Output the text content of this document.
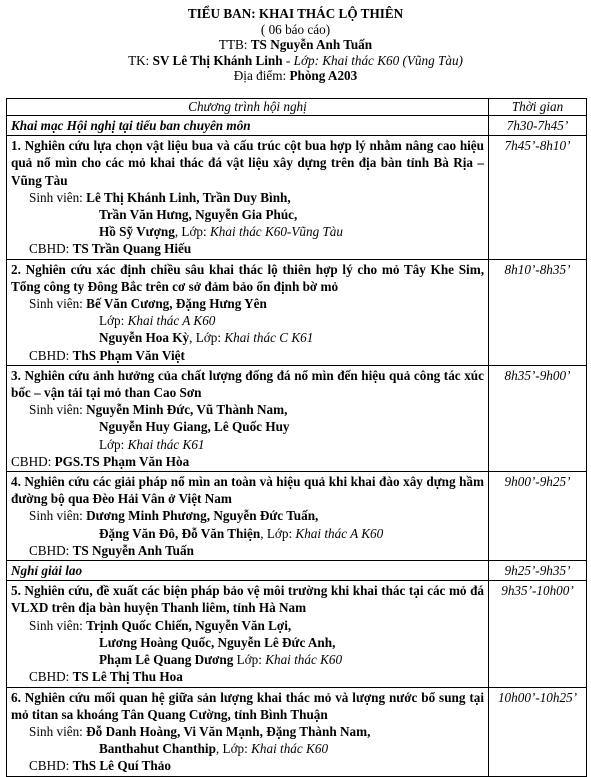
TIỂU BAN: KHAI THÁC LỘ THIÊN
( 06 báo cáo)
TTB: TS Nguyễn Anh Tuấn
TK: SV Lê Thị Khánh Linh - Lớp: Khai thác K60 (Vũng Tàu)
Địa điểm: Phòng A203
Chương trình hội nghị	Thời gian
Khai mạc Hội nghị tại tiểu ban chuyên môn	7h30-7h45’

1. Nghiên cứu lựa chọn vật liệu bua và cấu trúc cột bua hợp lý nhằm nâng cao hiệu quả nổ mìn cho các mỏ khai thác đá vật liệu xây dựng trên địa bàn tỉnh Bà Rịa – Vũng Tàu
Sinh viên: Lê Thị Khánh Linh, Trần Duy Bình,
Trần Văn Hưng, Nguyễn Gia Phúc,
Hồ Sỹ Vượng, Lớp: Khai thác K60-Vũng Tàu
CBHD: TS Trần Quang Hiếu	7h45’-8h10’

2. Nghiên cứu xác định chiều sâu khai thác lộ thiên hợp lý cho mỏ Tây Khe Sim, Tổng công ty Đông Bắc trên cơ sở đảm bảo ổn định bờ mỏ
Sinh viên: Bế Văn Cương, Đặng Hưng Yên
Lớp: Khai thác A K60
Nguyễn Hoa Kỳ, Lớp: Khai thác C K61
CBHD: ThS Phạm Văn Việt	8h10’-8h35’

3. Nghiên cứu ảnh hưởng của chất lượng đống đá nổ mìn đến hiệu quả công tác xúc bốc – vận tải tại mỏ than Cao Sơn
Sinh viên: Nguyễn Minh Đức, Vũ Thành Nam,
Nguyễn Huy Giang, Lê Quốc Huy
Lớp: Khai thác K61
CBHD: PGS.TS Phạm Văn Hòa	8h35’-9h00’

4. Nghiên cứu các giải pháp nổ mìn an toàn và hiệu quả khi khai đào xây dựng hầm đường bộ qua Đèo Hải Vân ở Việt Nam
Sinh viên: Dương Minh Phương, Nguyễn Đức Tuấn,
Đặng Văn Đô, Đỗ Văn Thiện, Lớp: Khai thác A K60
CBHD: TS Nguyễn Anh Tuấn	9h00’-9h25’
Nghỉ giải lao	9h25’-9h35’

5. Nghiên cứu, đề xuất các biện pháp bảo vệ môi trường khi khai thác tại các mỏ đá VLXD trên địa bàn huyện Thanh liêm, tỉnh Hà Nam
Sinh viên: Trịnh Quốc Chiến, Nguyễn Văn Lợi,
Lương Hoàng Quốc, Nguyễn Lê Đức Anh,
Phạm Lê Quang Dương Lớp: Khai thác K60
CBHD: TS Lê Thị Thu Hoa	9h35’-10h00’

6. Nghiên cứu mối quan hệ giữa sản lượng khai thác mỏ và lượng nước bổ sung tại mỏ titan sa khoáng Tân Quang Cường, tỉnh Bình Thuận
Sinh viên: Đỗ Danh Hoàng, Vi Văn Mạnh, Đặng Thành Nam,
Banthahut Chanthip, Lớp: Khai thác K60
CBHD: ThS Lê Quí Thảo	10h00’-10h25’
